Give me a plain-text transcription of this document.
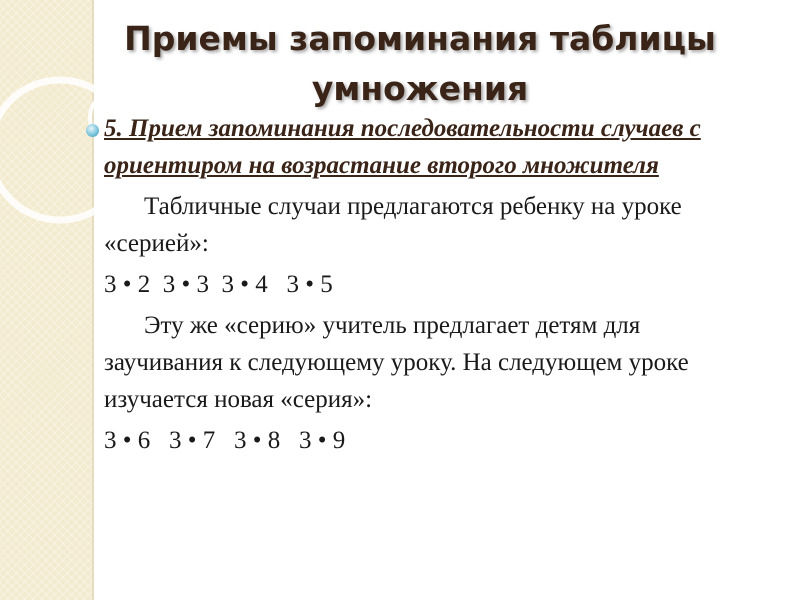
Приемы запоминания таблицы
умножения
5. Прием запоминания последовательности случаев с ориентиром на возрастание второго множителя
Табличные случаи предлагаются ребенку на уроке «серией»:
3 • 2  3 • 3  3 • 4   3 • 5
Эту же «серию» учитель предлагает детям для заучивания к следующему уроку. На следующем уроке изучается новая «серия»:
3 • 6   3 • 7   3 • 8   3 • 9
